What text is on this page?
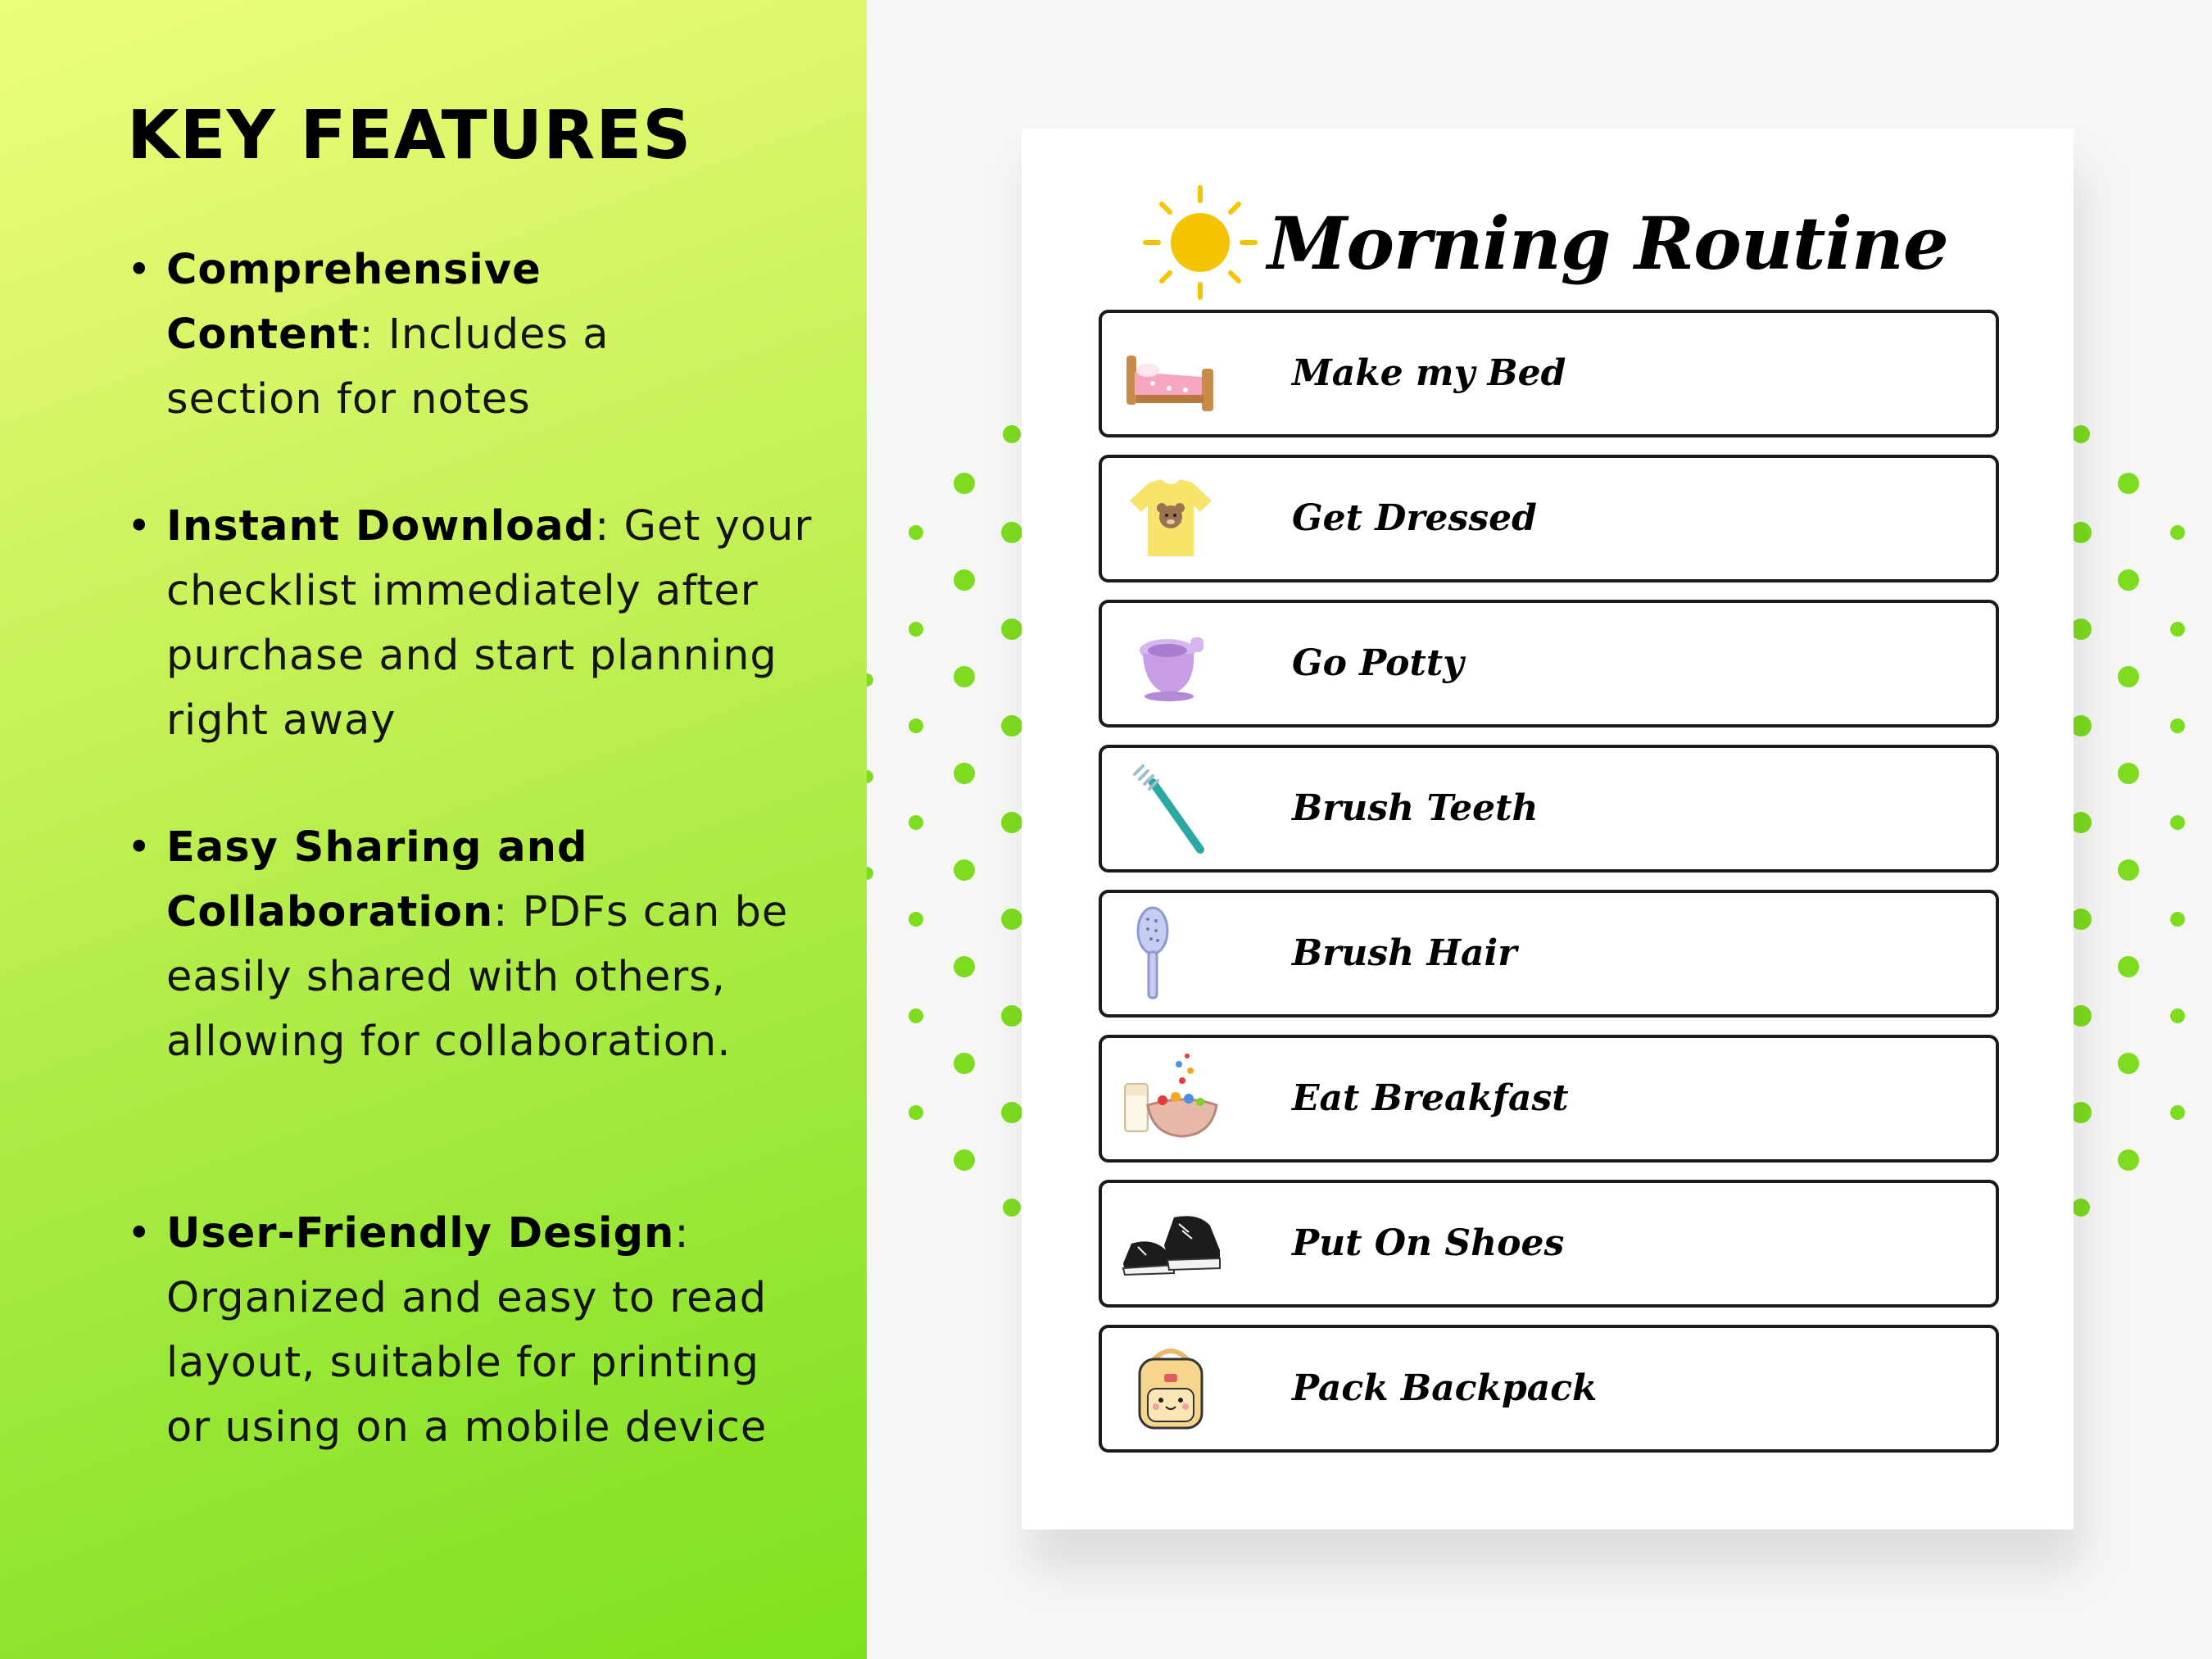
KEY FEATURES
• Comprehensive Content: Includes a section for notes

• Instant Download: Get your checklist immediately after purchase and start planning right away

• Easy Sharing and Collaboration: PDFs can be easily shared with others, allowing for collaboration.

• User-Friendly Design: Organized and easy to read layout, suitable for printing or using on a mobile device

Morning Routine
Make my Bed
Get Dressed
Go Potty
Brush Teeth
Brush Hair
Eat Breakfast
Put On Shoes
Pack Backpack
